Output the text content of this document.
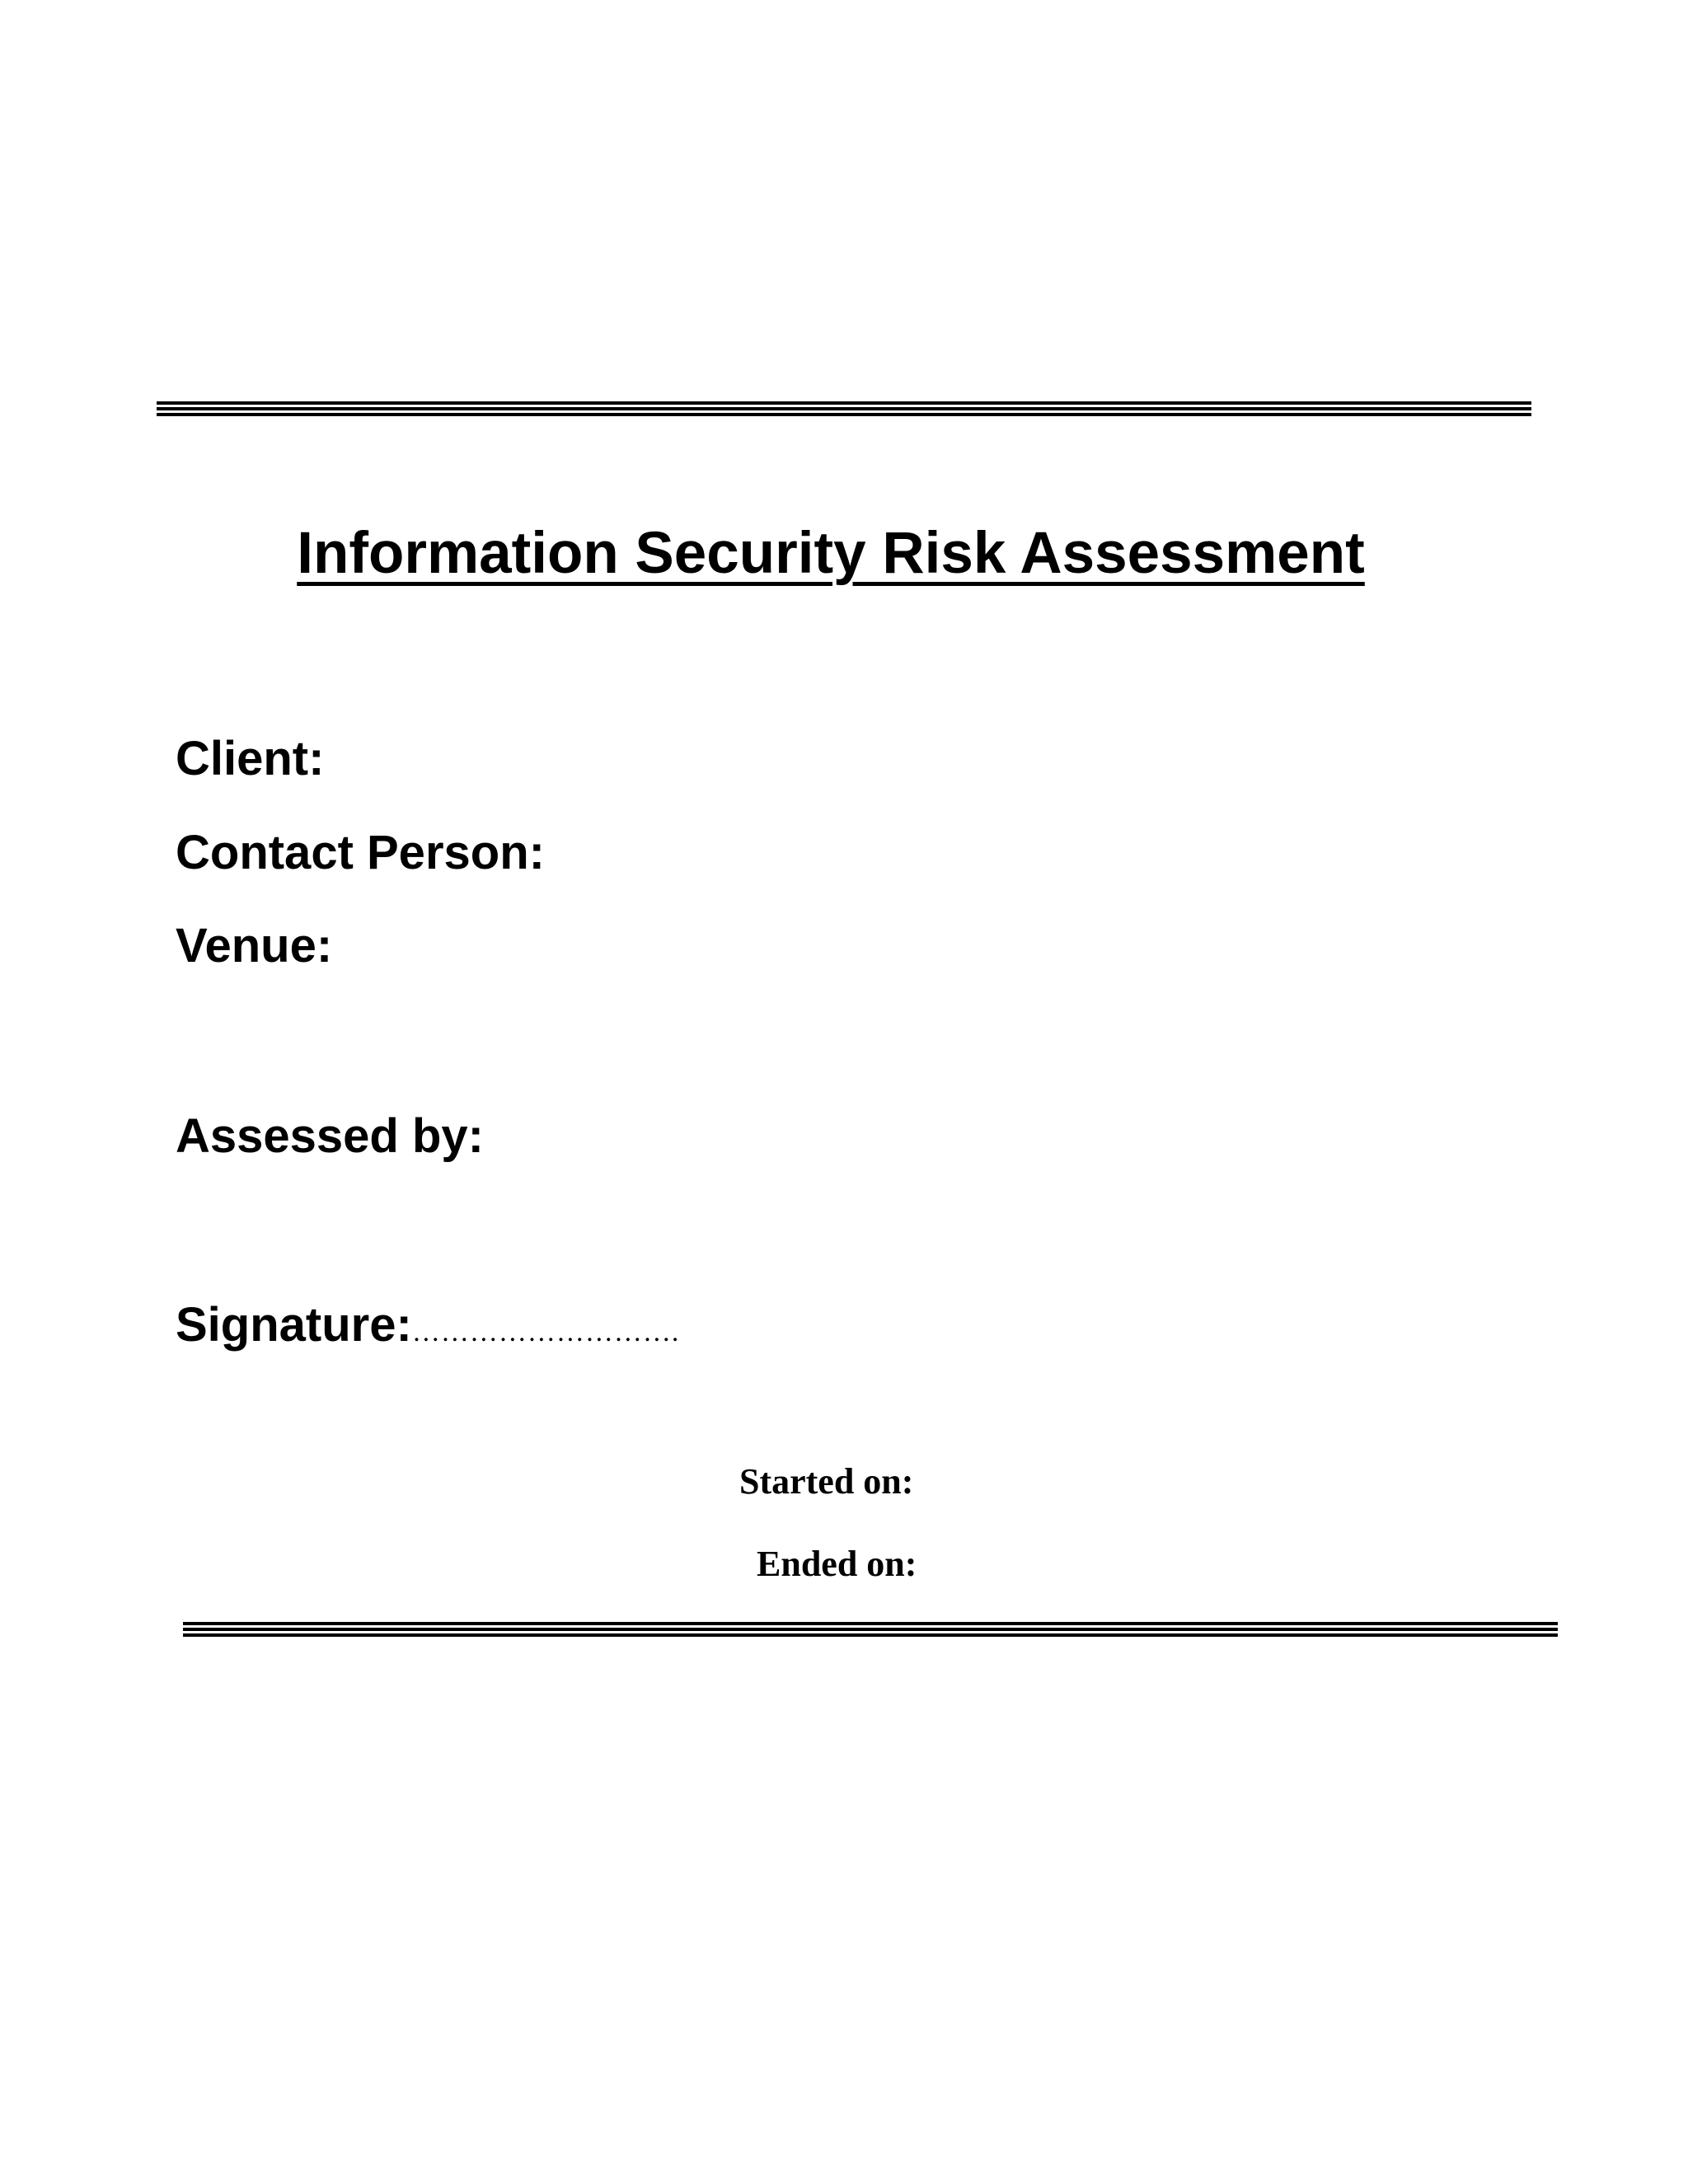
Information Security Risk Assessment
Client:
Contact Person:
Venue:
Assessed by:
Signature:……………………….
Started on:
Ended on:
